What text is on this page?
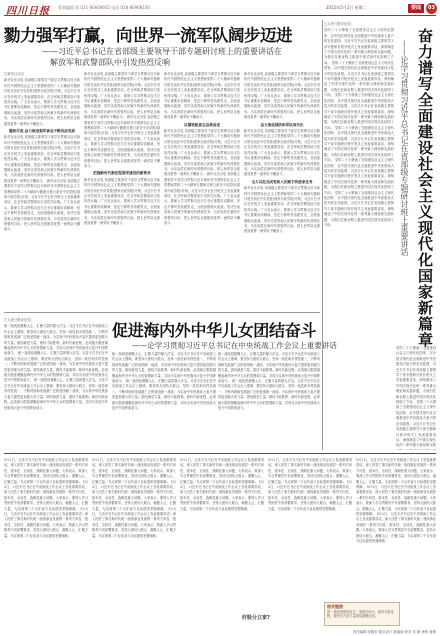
四川日报 策划编辑 阳 021-86668602 电话 028-86968100	2022年5月2日 星期二	要闻	03
勠力强军打赢，向世界一流军队阔步迈进
——习近平总书记在省部级主要领导干部专题研讨班上的重要讲话在
解放军和武警部队中引发热烈反响
□新华社北京
新华社北京电 省部级主要领导干部学习贯彻习近平新时代中国特色社会主义思想和党的二十大精神专题研讨班日前在中央党校(国家行政学院)开班。习近平总书记在开班式上发表重要讲话，在全军和武警部队引发热烈反响。广大官兵表示，要深入学习贯彻习近平总书记重要讲话精神，坚定不移听党话跟党走，全面加强练兵备战，坚决完成党和人民赋予的新时代使命任务，为实现党在新时代的强军目标、把人民军队全面建成世界一流军队不懈奋斗。
履职尽责,奋力推进强军事业不断向前发展
新华社北京电 省部级主要领导干部学习贯彻习近平新时代中国特色社会主义思想和党的二十大精神专题研讨班日前在中央党校(国家行政学院)开班。习近平总书记在开班式上发表重要讲话，在全军和武警部队引发热烈反响。广大官兵表示，要深入学习贯彻习近平总书记重要讲话精神，坚定不移听党话跟党走，全面加强练兵备战，坚决完成党和人民赋予的新时代使命任务，为实现党在新时代的强军目标、把人民军队全面建成世界一流军队不懈奋斗。 新华社北京电 省部级主要领导干部学习贯彻习近平新时代中国特色社会主义思想和党的二十大精神专题研讨班日前在中央党校(国家行政学院)开班。习近平总书记在开班式上发表重要讲话，在全军和武警部队引发热烈反响。广大官兵表示，要深入学习贯彻习近平总书记重要讲话精神，坚定不移听党话跟党走，全面加强练兵备战，坚决完成党和人民赋予的新时代使命任务，为实现党在新时代的强军目标、把人民军队全面建成世界一流军队不懈奋斗。
新华社北京电 省部级主要领导干部学习贯彻习近平新时代中国特色社会主义思想和党的二十大精神专题研讨班日前在中央党校(国家行政学院)开班。习近平总书记在开班式上发表重要讲话，在全军和武警部队引发热烈反响。广大官兵表示，要深入学习贯彻习近平总书记重要讲话精神，坚定不移听党话跟党走，全面加强练兵备战，坚决完成党和人民赋予的新时代使命任务，为实现党在新时代的强军目标、把人民军队全面建成世界一流军队不懈奋斗。 新华社北京电 省部级主要领导干部学习贯彻习近平新时代中国特色社会主义思想和党的二十大精神专题研讨班日前在中央党校(国家行政学院)开班。习近平总书记在开班式上发表重要讲话，在全军和武警部队引发热烈反响。广大官兵表示，要深入学习贯彻习近平总书记重要讲话精神，坚定不移听党话跟党走，全面加强练兵备战，坚决完成党和人民赋予的新时代使命任务，为实现党在新时代的强军目标、把人民军队全面建成世界一流军队不懈奋斗。
把握新时代新征程强军建设的新要求
新华社北京电 省部级主要领导干部学习贯彻习近平新时代中国特色社会主义思想和党的二十大精神专题研讨班日前在中央党校(国家行政学院)开班。习近平总书记在开班式上发表重要讲话，在全军和武警部队引发热烈反响。广大官兵表示，要深入学习贯彻习近平总书记重要讲话精神，坚定不移听党话跟党走，全面加强练兵备战，坚决完成党和人民赋予的新时代使命任务，为实现党在新时代的强军目标、把人民军队全面建成世界一流军队不懈奋斗。
新华社北京电 省部级主要领导干部学习贯彻习近平新时代中国特色社会主义思想和党的二十大精神专题研讨班日前在中央党校(国家行政学院)开班。习近平总书记在开班式上发表重要讲话，在全军和武警部队引发热烈反响。广大官兵表示，要深入学习贯彻习近平总书记重要讲话精神，坚定不移听党话跟党走，全面加强练兵备战，坚决完成党和人民赋予的新时代使命任务，为实现党在新时代的强军目标、把人民军队全面建成世界一流军队不懈奋斗。
以钢铁般意志奋勇前进
新华社北京电 省部级主要领导干部学习贯彻习近平新时代中国特色社会主义思想和党的二十大精神专题研讨班日前在中央党校(国家行政学院)开班。习近平总书记在开班式上发表重要讲话，在全军和武警部队引发热烈反响。广大官兵表示，要深入学习贯彻习近平总书记重要讲话精神，坚定不移听党话跟党走，全面加强练兵备战，坚决完成党和人民赋予的新时代使命任务，为实现党在新时代的强军目标、把人民军队全面建成世界一流军队不懈奋斗。 新华社北京电 省部级主要领导干部学习贯彻习近平新时代中国特色社会主义思想和党的二十大精神专题研讨班日前在中央党校(国家行政学院)开班。习近平总书记在开班式上发表重要讲话，在全军和武警部队引发热烈反响。广大官兵表示，要深入学习贯彻习近平总书记重要讲话精神，坚定不移听党话跟党走，全面加强练兵备战，坚决完成党和人民赋予的新时代使命任务，为实现党在新时代的强军目标、把人民军队全面建成世界一流军队不懈奋斗。
新华社北京电 省部级主要领导干部学习贯彻习近平新时代中国特色社会主义思想和党的二十大精神专题研讨班日前在中央党校(国家行政学院)开班。习近平总书记在开班式上发表重要讲话，在全军和武警部队引发热烈反响。广大官兵表示，要深入学习贯彻习近平总书记重要讲话精神，坚定不移听党话跟党走，全面加强练兵备战，坚决完成党和人民赋予的新时代使命任务，为实现党在新时代的强军目标、把人民军队全面建成世界一流军队不懈奋斗。
奋力推进国防和军队现代化
新华社北京电 省部级主要领导干部学习贯彻习近平新时代中国特色社会主义思想和党的二十大精神专题研讨班日前在中央党校(国家行政学院)开班。习近平总书记在开班式上发表重要讲话，在全军和武警部队引发热烈反响。广大官兵表示，要深入学习贯彻习近平总书记重要讲话精神，坚定不移听党话跟党走，全面加强练兵备战，坚决完成党和人民赋予的新时代使命任务，为实现党在新时代的强军目标、把人民军队全面建成世界一流军队不懈奋斗。
全力以赴完成党和人民赋予的使命任务
新华社北京电 省部级主要领导干部学习贯彻习近平新时代中国特色社会主义思想和党的二十大精神专题研讨班日前在中央党校(国家行政学院)开班。习近平总书记在开班式上发表重要讲话，在全军和武警部队引发热烈反响。广大官兵表示，要深入学习贯彻习近平总书记重要讲话精神，坚定不移听党话跟党走，全面加强练兵备战，坚决完成党和人民赋予的新时代使命任务，为实现党在新时代的强军目标、把人民军队全面建成世界一流军队不懈奋斗。	奋力谱写全面建设社会主义现代化国家新篇章
——论学习贯彻习近平总书记在省部级专题研讨班上重要讲话
□人民日报评论员
党的二十大擘画了全面建设社会主义现代化国家、以中国式现代化全面推进中华民族伟大复兴的宏伟蓝图。习近平总书记在省部级主要领导干部专题研讨班开班式上发表重要讲话，深刻阐述了中国式现代化的一系列重大理论和实践问题，为我们在新征程上推进中国式现代化指明了方向。 党的二十大擘画了全面建设社会主义现代化国家、以中国式现代化全面推进中华民族伟大复兴的宏伟蓝图。习近平总书记在省部级主要领导干部专题研讨班开班式上发表重要讲话，深刻阐述了中国式现代化的一系列重大理论和实践问题，为我们在新征程上推进中国式现代化指明了方向。 党的二十大擘画了全面建设社会主义现代化国家、以中国式现代化全面推进中华民族伟大复兴的宏伟蓝图。习近平总书记在省部级主要领导干部专题研讨班开班式上发表重要讲话，深刻阐述了中国式现代化的一系列重大理论和实践问题，为我们在新征程上推进中国式现代化指明了方向。 党的二十大擘画了全面建设社会主义现代化国家、以中国式现代化全面推进中华民族伟大复兴的宏伟蓝图。习近平总书记在省部级主要领导干部专题研讨班开班式上发表重要讲话，深刻阐述了中国式现代化的一系列重大理论和实践问题，为我们在新征程上推进中国式现代化指明了方向。 党的二十大擘画了全面建设社会主义现代化国家、以中国式现代化全面推进中华民族伟大复兴的宏伟蓝图。习近平总书记在省部级主要领导干部专题研讨班开班式上发表重要讲话，深刻阐述了中国式现代化的一系列重大理论和实践问题，为我们在新征程上推进中国式现代化指明了方向。 党的二十大擘画了全面建设社会主义现代化国家、以中国式现代化全面推进中华民族伟大复兴的宏伟蓝图。习近平总书记在省部级主要领导干部专题研讨班开班式上发表重要讲话，深刻阐述了中国式现代化的一系列重大理论和实践问题，为我们在新征程上推进中国式现代化指明了方向。
党的二十大擘画了全面建设社会主义现代化国家、以中国式现代化全面推进中华民族伟大复兴的宏伟蓝图。习近平总书记在省部级主要领导干部专题研讨班开班式上发表重要讲话，深刻阐述了中国式现代化的一系列重大理论和实践问题，为我们在新征程上推进中国式现代化指明了方向。 党的二十大擘画了全面建设社会主义现代化国家、以中国式现代化全面推进中华民族伟大复兴的宏伟蓝图。习近平总书记在省部级主要领导干部专题研讨班开班式上发表重要讲话，深刻阐述了中国式现代化的一系列重大理论和实践
促进海内外中华儿女团结奋斗
——论学习贯彻习近平总书记在中央统战工作会议上重要讲话
□人民日报评论员
统一战线是凝聚人心、汇聚力量的强大法宝。习近平总书记在中央统战工作会议上强调，要坚持大团结大联合，坚持一致性和多样性统一，不断巩固和发展最广泛的爱国统一战线，为实现中华民族伟大复兴提供更加强大的力量。团结就是力量，团结才能胜利。新时代新征程，必须最大限度凝聚起海内外中华儿女的智慧和力量，共同为实现中华民族伟大复兴中国梦而奋斗。 统一战线是凝聚人心、汇聚力量的强大法宝。习近平总书记在中央统战工作会议上强调，要坚持大团结大联合，坚持一致性和多样性统一，不断巩固和发展最广泛的爱国统一战线，为实现中华民族伟大复兴提供更加强大的力量。团结就是力量，团结才能胜利。新时代新征程，必须最大限度凝聚起海内外中华儿女的智慧和力量，共同为实现中华民族伟大复兴中国梦而奋斗。 统一战线是凝聚人心、汇聚力量的强大法宝。习近平总书记在中央统战工作会议上强调，要坚持大团结大联合，坚持一致性和多样性统一，不断巩固和发展最广泛的爱国统一战线，为实现中华民族伟大复兴提供更加强大的力量。团结就是力量，团结才能胜利。新时代新征程，必须最大限度凝聚起海内外中华儿女的智慧和力量，共同为实现中华民族伟大复兴中国梦而奋斗。
统一战线是凝聚人心、汇聚力量的强大法宝。习近平总书记在中央统战工作会议上强调，要坚持大团结大联合，坚持一致性和多样性统一，不断巩固和发展最广泛的爱国统一战线，为实现中华民族伟大复兴提供更加强大的力量。团结就是力量，团结才能胜利。新时代新征程，必须最大限度凝聚起海内外中华儿女的智慧和力量，共同为实现中华民族伟大复兴中国梦而奋斗。 统一战线是凝聚人心、汇聚力量的强大法宝。习近平总书记在中央统战工作会议上强调，要坚持大团结大联合，坚持一致性和多样性统一，不断巩固和发展最广泛的爱国统一战线，为实现中华民族伟大复兴提供更加强大的力量。团结就是力量，团结才能胜利。新时代新征程，必须最大限度凝聚起海内外中华儿女的智慧和力量，共同为实现中华民族伟大复兴中国梦而奋斗。
统一战线是凝聚人心、汇聚力量的强大法宝。习近平总书记在中央统战工作会议上强调，要坚持大团结大联合，坚持一致性和多样性统一，不断巩固和发展最广泛的爱国统一战线，为实现中华民族伟大复兴提供更加强大的力量。团结就是力量，团结才能胜利。新时代新征程，必须最大限度凝聚起海内外中华儿女的智慧和力量，共同为实现中华民族伟大复兴中国梦而奋斗。 统一战线是凝聚人心、汇聚力量的强大法宝。习近平总书记在中央统战工作会议上强调，要坚持大团结大联合，坚持一致性和多样性统一，不断巩固和发展最广泛的爱国统一战线，为实现中华民族伟大复兴提供更加强大的力量。团结就是力量，团结才能胜利。新时代新征程，必须最大限度凝聚起海内外中华儿女的智慧和力量，共同为实现中华民族伟大复兴中国梦而奋斗。
5月1日，习近平总书记在中央统战工作会议上发表重要讲话，深入回答了事关新时代统一战线事业发展的一系列方向性、根本性、全局性、战略性重大问题。大家表示，要深入学习贯彻党中央部署要求，坚持大团结大联合，凝聚人心、汇聚力量，为实现第二个百年奋斗目标提供坚强保障。 5月1日，习近平总书记在中央统战工作会议上发表重要讲话，深入回答了事关新时代统一战线事业发展的一系列方向性、根本性、全局性、战略性重大问题。大家表示，要深入学习贯彻党中央部署要求，坚持大团结大联合，凝聚人心、汇聚力量，为实现第二个百年奋斗目标提供坚强保障。 5月1日，习近平总书记在中央统战工作会议上发表重要讲话，深入回答了事关新时代统一战线事业发展的一系列方向性、根本性、全局性、战略性重大问题。大家表示，要深入学习贯彻党中央部署要求，坚持大团结大联合，凝聚人心、汇聚力量，为实现第二个百年奋斗目标提供坚强保障。
5月1日，习近平总书记在中央统战工作会议上发表重要讲话，深入回答了事关新时代统一战线事业发展的一系列方向性、根本性、全局性、战略性重大问题。大家表示，要深入学习贯彻党中央部署要求，坚持大团结大联合，凝聚人心、汇聚力量，为实现第二个百年奋斗目标提供坚强保障。 5月1日，习近平总书记在中央统战工作会议上发表重要讲话，深入回答了事关新时代统一战线事业发展的一系列方向性、根本性、全局性、战略性重大问题。大家表示，要深入学习贯彻党中央部署要求，坚持大团结大联合，凝聚人心、汇聚力量，为实现第二个百年奋斗目标提供坚强保障。 5月1日，习近平总书记在中央统战工作会议上发表重要讲话，深入回答了事关新时代统一战线事业发展的一系列方向性、根本性、全局性、战略性重大问题。大家表示，要深入学习贯彻党中央部署要求，坚持大团结大联合，凝聚人心、汇聚力量，为实现第二个百年奋斗目标提供坚强保障。
5月1日，习近平总书记在中央统战工作会议上发表重要讲话，深入回答了事关新时代统一战线事业发展的一系列方向性、根本性、全局性、战略性重大问题。大家表示，要深入学习贯彻党中央部署要求，坚持大团结大联合，凝聚人心、汇聚力量，为实现第二个百年奋斗目标提供坚强保障。 5月1日，习近平总书记在中央统战工作会议上发表重要讲话，深入回答了事关新时代统一战线事业发展的一系列方向性、根本性、全局性、战略性重大问题。大家表示，要深入学习贯彻党中央部署要求，坚持大团结大联合，凝聚人心、汇聚力量，为实现第二个百年奋斗目标提供坚强保障。
5月1日，习近平总书记在中央统战工作会议上发表重要讲话，深入回答了事关新时代统一战线事业发展的一系列方向性、根本性、全局性、战略性重大问题。大家表示，要深入学习贯彻党中央部署要求，坚持大团结大联合，凝聚人心、汇聚力量，为实现第二个百年奋斗目标提供坚强保障。 5月1日，习近平总书记在中央统战工作会议上发表重要讲话，深入回答了事关新时代统一战线事业发展的一系列方向性、根本性、全局性、战略性重大问题。大家表示，要深入学习贯彻党中央部署要求，坚持大团结大联合，凝聚人心、汇聚力量，为实现第二个百年奋斗目标提供坚强保障。
5月1日，习近平总书记在中央统战工作会议上发表重要讲话，深入回答了事关新时代统一战线事业发展的一系列方向性、根本性、全局性、战略性重大问题。大家表示，要深入学习贯彻党中央部署要求，坚持大团结大联合，凝聚人心、汇聚力量，为实现第二个百年奋斗目标提供坚强保障。 5月1日，习近平总书记在中央统战工作会议上发表重要讲话，深入回答了事关新时代统一战线事业发展的一系列方向性、根本性、全局性、战略性重大问题。大家表示，要深入学习贯彻党中央部署要求，坚持大团结大联合，凝聚人心、汇聚力量，为实现第二个百年奋斗目标提供坚强保障。 5月1日，习近平总书记在中央统战工作会议上发表重要讲话，深入回答了事关新时代统一战线事业发展的一系列方向性、根本性、全局性、战略性重大问题。大家表示，要深入学习贯彻党中央部署要求，坚持大团结大联合，凝聚人心、汇聚力量，为实现第二个百年奋斗目标提供坚强保障。
好股分立家?
相关链接
统一战线因团结而生，靠团结而兴。新时代新征程，要把各方面力量团结凝聚起来。
责任编辑 张晓东 版式设计 唐丽丽 校对 邓 颖 审核 蒋敏
